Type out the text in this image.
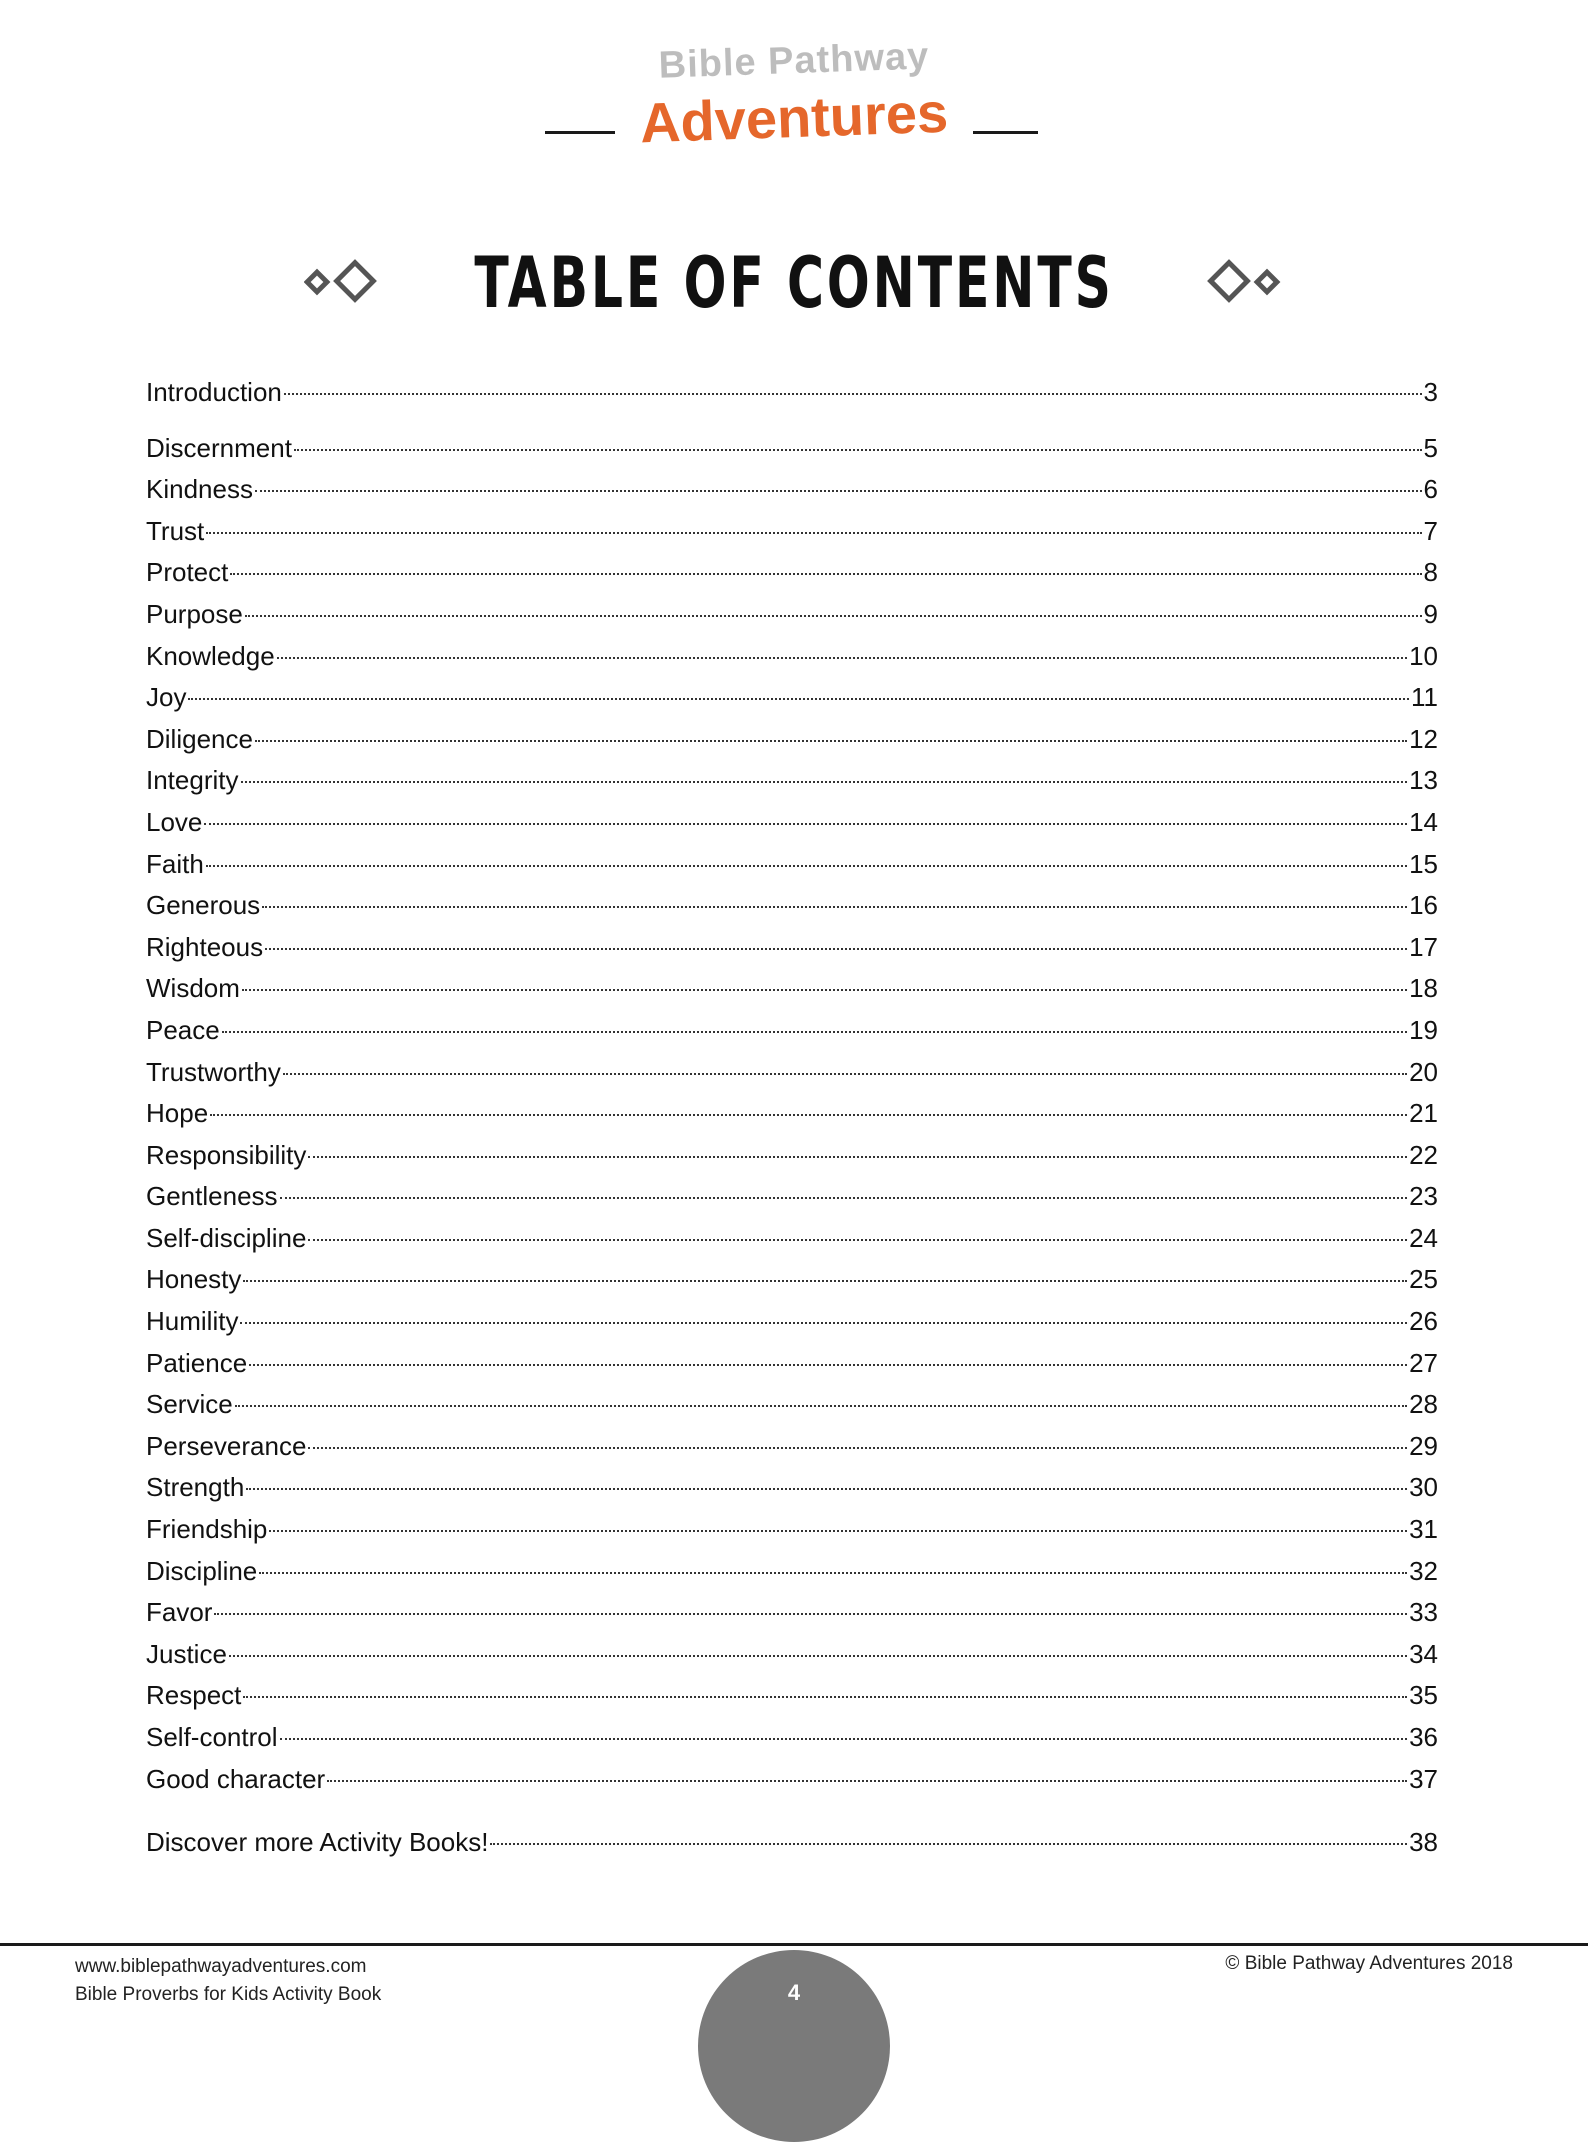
Bible Pathway
Adventures
TABLE OF CONTENTS
Introduction	3
Discernment	5
Kindness	6
Trust	7
Protect	8
Purpose	9
Knowledge	10
Joy	11
Diligence	12
Integrity	13
Love	14
Faith	15
Generous	16
Righteous	17
Wisdom	18
Peace	19
Trustworthy	20
Hope	21
Responsibility	22
Gentleness	23
Self-discipline	24
Honesty	25
Humility	26
Patience	27
Service	28
Perseverance	29
Strength	30
Friendship	31
Discipline	32
Favor	33
Justice	34
Respect	35
Self-control	36
Good character	37
Discover more Activity Books!	38
www.biblepathwayadventures.com
Bible Proverbs for Kids Activity Book
© Bible Pathway Adventures 2018
4
